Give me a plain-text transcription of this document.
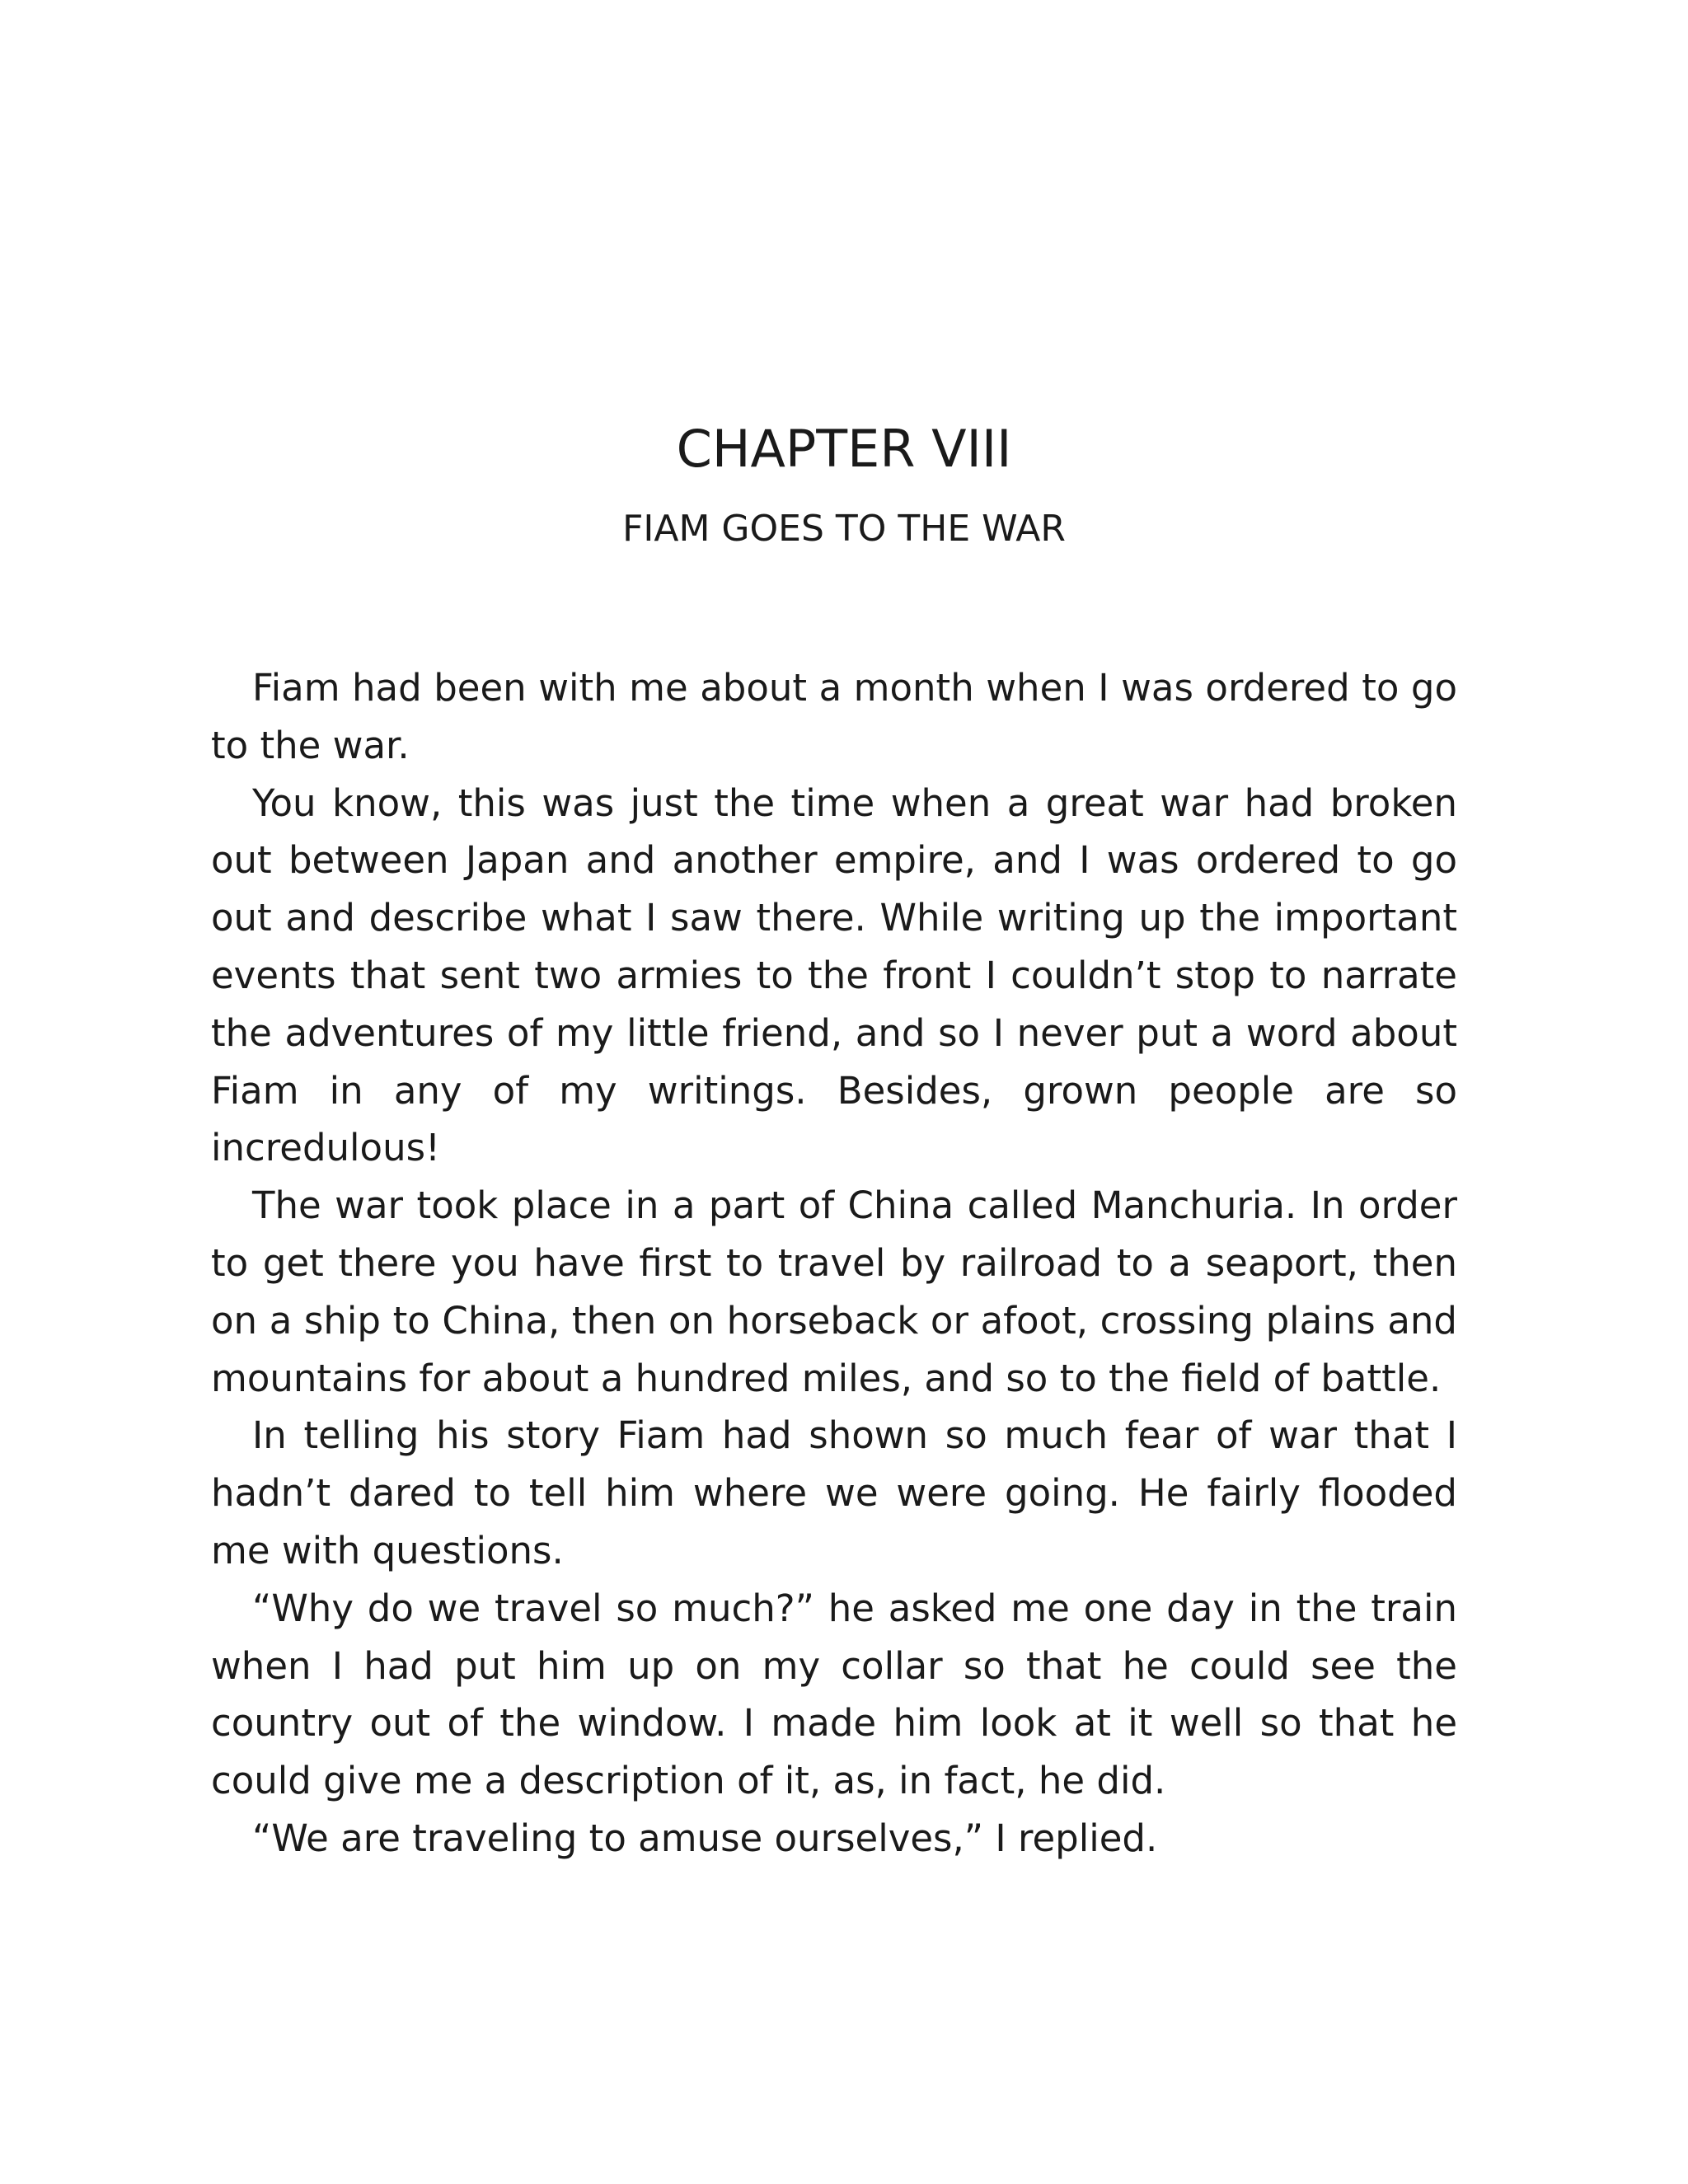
CHAPTER VIII
FIAM GOES TO THE WAR

Fiam had been with me about a month when I was ordered to go to the war.

You know, this was just the time when a great war had broken out between Japan and another empire, and I was ordered to go out and describe what I saw there. While writing up the important events that sent two armies to the front I couldn’t stop to narrate the adventures of my little friend, and so I never put a word about Fiam in any of my writings. Besides, grown people are so incredulous!

The war took place in a part of China called Manchuria. In order to get there you have first to travel by railroad to a seaport, then on a ship to China, then on horseback or afoot, crossing plains and mountains for about a hundred miles, and so to the field of battle.

In telling his story Fiam had shown so much fear of war that I hadn’t dared to tell him where we were going. He fairly flooded me with questions.

“Why do we travel so much?” he asked me one day in the train when I had put him up on my collar so that he could see the country out of the window. I made him look at it well so that he could give me a description of it, as, in fact, he did.

“We are traveling to amuse ourselves,” I replied.
